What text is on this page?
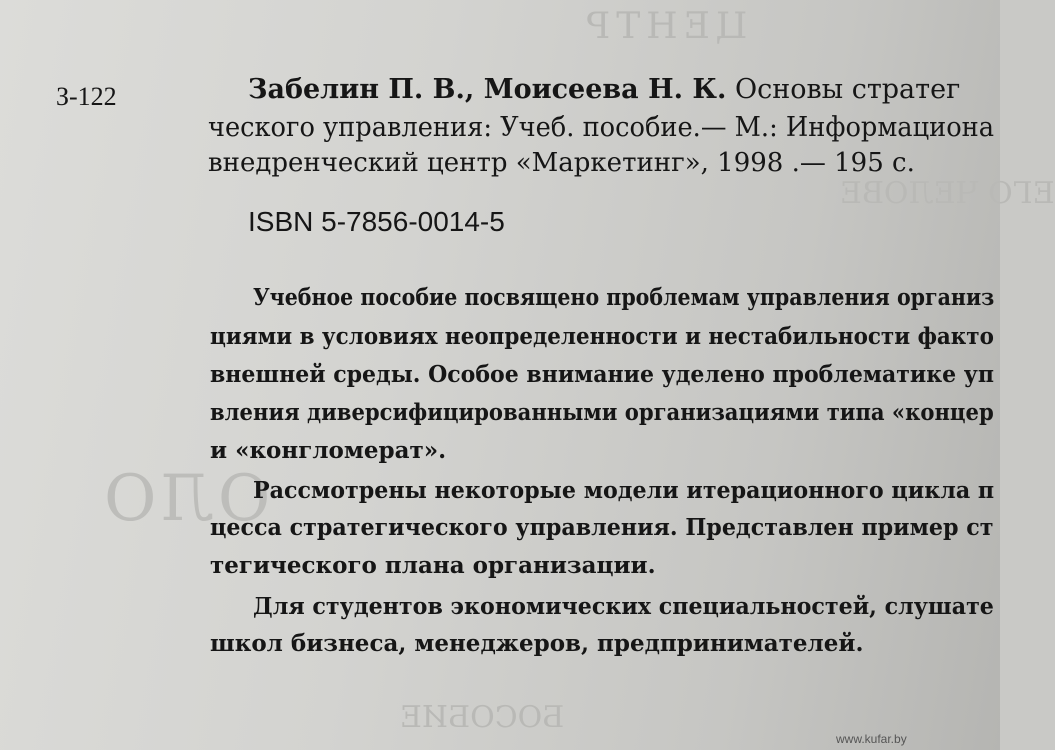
ЦЕНТР
ЕГО ЧЕЛОВЕ
ОЛО
БОСОБИЕ
З-122	Забелин П. В., Моисеева Н. К. Основы стратег
ческого управления: Учеб. пособие.— М.: Информациона
внедренческий центр «Маркетинг», 1998 .— 195 с.
ISBN 5-7856-0014-5
Учебное пособие посвящено проблемам управления организ
циями в условиях неопределенности и нестабильности факто
внешней среды. Особое внимание уделено проблематике уп
вления диверсифицированными организациями типа «концер
и «конгломерат».
Рассмотрены некоторые модели итерационного цикла п
цесса стратегического управления. Представлен пример ст
тегического плана организации.
Для студентов экономических специальностей, слушате
школ бизнеса, менеджеров, предпринимателей.
www.kufar.by
